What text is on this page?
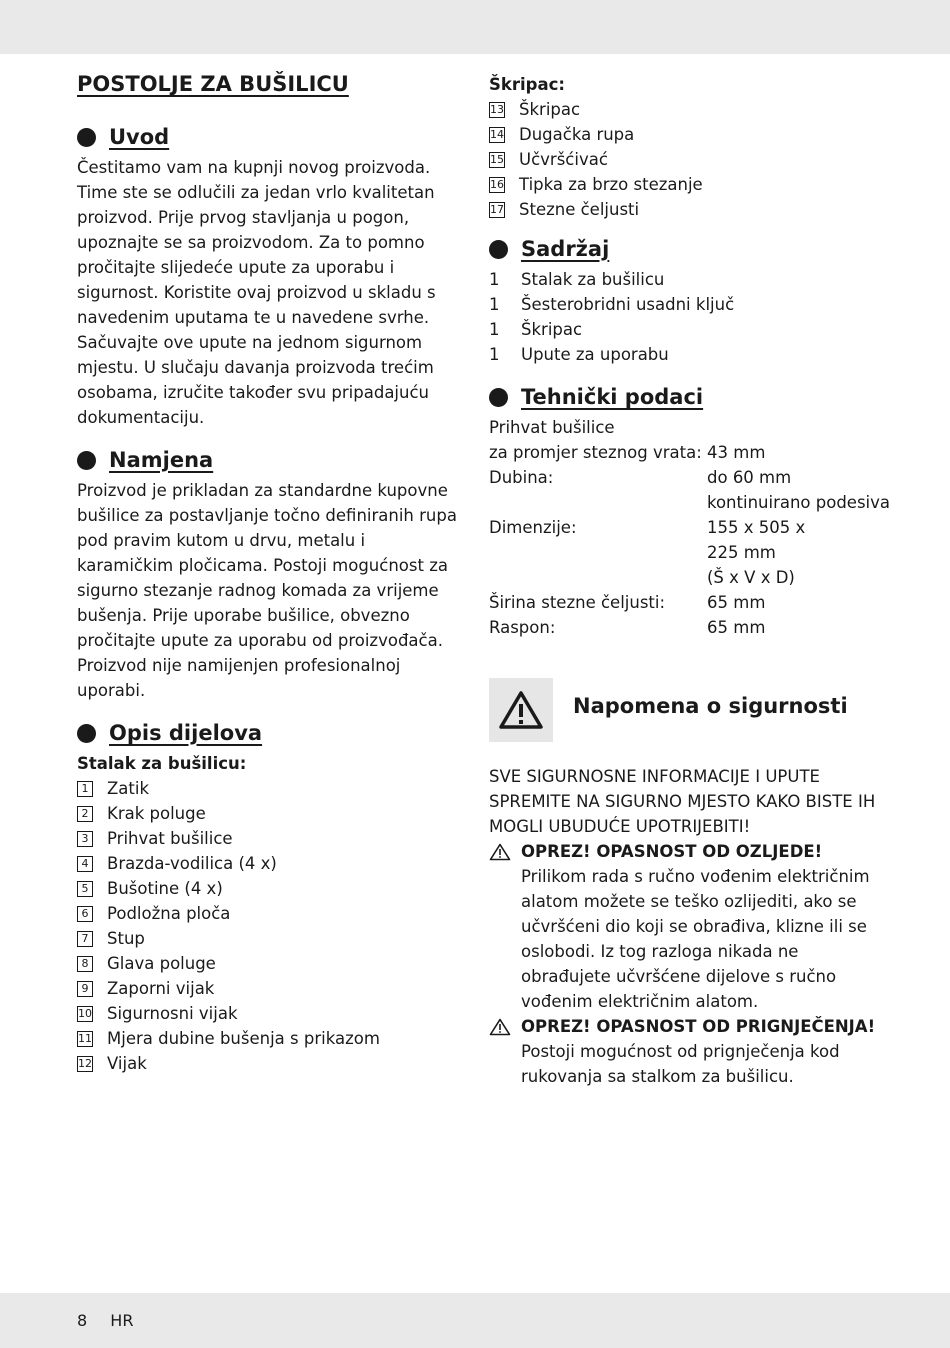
POSTOLJE ZA BUŠILICU
Uvod

Čestitamo vam na kupnji novog proizvoda. Time ste se odlučili za jedan vrlo kvalitetan proizvod. Prije prvog stavljanja u pogon, upoznajte se sa proizvodom. Za to pomno pročitajte slijedeće upute za uporabu i sigurnost. Koristite ovaj proizvod u skladu s navedenim uputama te u navedene svrhe. Sačuvajte ove upute na jednom sigurnom mjestu. U slučaju davanja proizvoda trećim osobama, izručite također svu pripadajuću dokumentaciju.

Namjena

Proizvod je prikladan za standardne kupovne bušilice za postavljanje točno definiranih rupa pod pravim kutom u drvu, metalu i karamičkim pločicama. Postoji mogućnost za sigurno stezanje radnog komada za vrijeme bušenja. Prije uporabe bušilice, obvezno pročitajte upute za uporabu od proizvođača. Proizvod nije namijenjen profesionalnoj uporabi.

Opis dijelova
Stalak za bušilicu:
1 Zatik
2 Krak poluge
3 Prihvat bušilice
4 Brazda-vodilica (4 x)
5 Bušotine (4 x)
6 Podložna ploča
7 Stup
8 Glava poluge
9 Zaporni vijak
10 Sigurnosni vijak
11 Mjera dubine bušenja s prikazom
12 Vijak
Škripac:
13 Škripac
14 Dugačka rupa
15 Učvršćivać
16 Tipka za brzo stezanje
17 Stezne čeljusti
Sadržaj
1	Stalak za bušilicu
1	Šesterobridni usadni ključ
1	Škripac
1	Upute za uporabu
Tehnički podaci
Prihvat bušilice
za promjer steznog vrata: 43 mm
Dubina:	do 60 mm
kontinuirano podesiva
Dimenzije:	155 x 505 x
225 mm
(Š x V x D)
Širina stezne čeljusti:	65 mm
Raspon:	65 mm
Napomena o sigurnosti

SVE SIGURNOSNE INFORMACIJE I UPUTE SPREMITE NA SIGURNO MJESTO KAKO BISTE IH MOGLI UBUDUĆE UPOTRIJEBITI!

OPREZ! OPASNOST OD OZLJEDE!
Prilikom rada s ručno vođenim električnim alatom možete se teško ozlijediti, ako se učvršćeni dio koji se obrađiva, klizne ili se oslobodi. Iz tog razloga nikada ne obrađujete učvršćene dijelove s ručno vođenim električnim alatom.
OPREZ! OPASNOST OD PRIGNJEČENJA! Postoji mogućnost od prignječenja kod rukovanja sa stalkom za bušilicu.
8 HR
